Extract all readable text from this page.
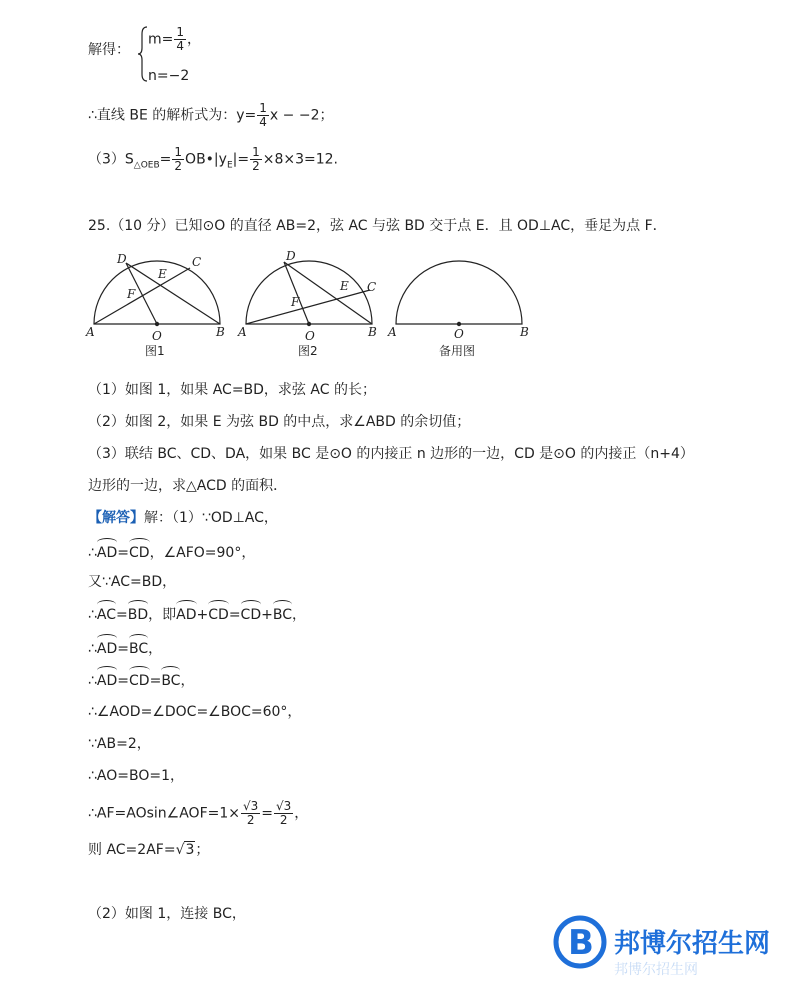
解得：
$m= \frac{1}{4}$ ，
n=−2
∴直线 BE 的解析式为：$y= \frac{1}{4}$ x − −2；
$(3)S_{\triangle OEB}= \frac{1}{2}$ $OB•|y_E|= \frac{1}{2} \times 8\times 3=12$.
25.（10 分）已知⊙O 的直径 AB=2，弦 AC 与弦 BD 交于点 E．且 OD⊥AC，垂足为点 F．
A	B
C
D
E
F
O
图1
A	B
C
D
E
F
O
图2
A	B
O
备用图
（1）如图 1，如果 AC=BD，求弦 AC 的长；
（2）如图 2，如果 E 为弦 BD 的中点，求∠ABD 的余切值；
（3）联结 BC、CD、DA，如果 BC 是⊙O 的内接正 n 边形的一边，CD 是⊙O 的内接正（n+4）
边形的一边，求△ACD 的面积．
【解答】解：（1）∵OD⊥AC，
∴AD=CD，∠AFO=90°，
又∵AC=BD，
∴AC=BD，即AD+CD=CD+BC，
∴AD=BC，
∴AD=CD=BC，
∴∠AOD=∠DOC=∠BOC=60°，
∵AB=2，
∴AO=BO=1，
∴AF=AOsin∠AOF=1× $\frac{√3}{2} = \frac{√3}{2}$ ，
则 AC=2AF=√3；
（2）如图 1，连接 BC，
B 邦博尔招生网
邦博尔招生网
